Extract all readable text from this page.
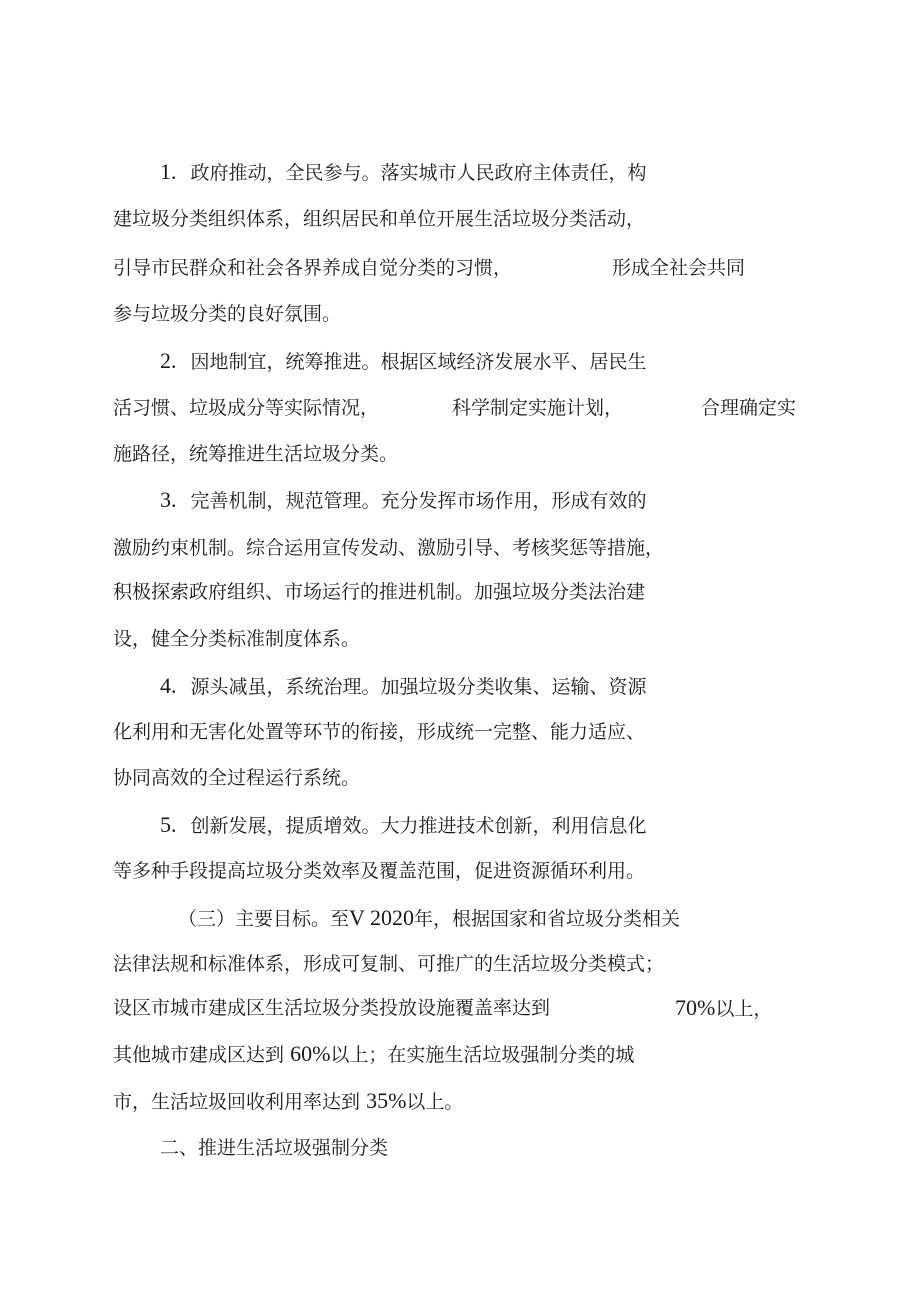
1. 政府推动，全民参与。落实城市人民政府主体责任，构
建垃圾分类组织体系，组织居民和单位开展生活垃圾分类活动，
引导市民群众和社会各界养成自觉分类的习惯，	形成全社会共同
参与垃圾分类的良好氛围。
2. 因地制宜，统筹推进。根据区域经济发展水平、居民生
活习惯、垃圾成分等实际情况，	科学制定实施计划，	合理确定实
施路径，统筹推进生活垃圾分类。
3. 完善机制，规范管理。充分发挥市场作用，形成有效的
激励约束机制。综合运用宣传发动、激励引导、考核奖惩等措施，
积极探索政府组织、市场运行的推进机制。加强垃圾分类法治建
设，健全分类标准制度体系。
4. 源头减虽，系统治理。加强垃圾分类收集、运输、资源
化利用和无害化处置等环节的衔接，形成统一完整、能力适应、
协同高效的全过程运行系统。
5. 创新发展，提质增效。大力推进技术创新，利用信息化
等多种手段提高垃圾分类效率及覆盖范围，促进资源循环利用。
（三）主要目标。至V 2020年，根据国家和省垃圾分类相关
法律法规和标准体系，形成可复制、可推广的生活垃圾分类模式；
设区市城市建成区生活垃圾分类投放设施覆盖率达到	70%以上，
其他城市建成区达到 60%以上；在实施生活垃圾强制分类的城
市，生活垃圾回收利用率达到 35%以上。
二、推进生活垃圾强制分类
